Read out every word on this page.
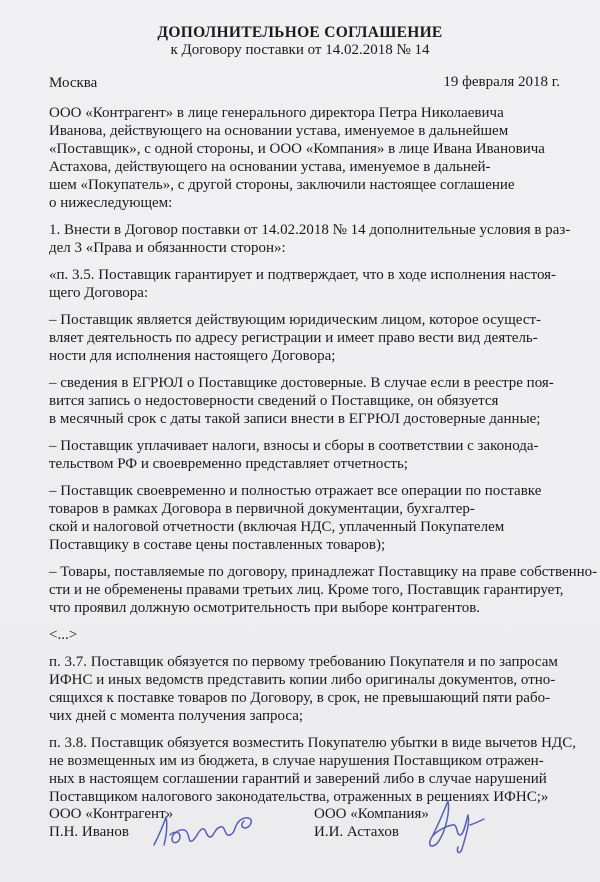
ДОПОЛНИТЕЛЬНОЕ СОГЛАШЕНИЕ
к Договору поставки от 14.02.2018 № 14
Москва	19 февраля 2018 г.
ООО «Контрагент» в лице генерального директора Петра Николаевича
Иванова, действующего на основании устава, именуемое в дальнейшем
«Поставщик», с одной стороны, и ООО «Компания» в лице Ивана Ивановича
Астахова, действующего на основании устава, именуемое в дальней-
шем «Покупатель», с другой стороны, заключили настоящее соглашение
о нижеследующем:
1. Внести в Договор поставки от 14.02.2018 № 14 дополнительные условия в раз-
дел 3 «Права и обязанности сторон»:
«п. 3.5. Поставщик гарантирует и подтверждает, что в ходе исполнения настоя-
щего Договора:
– Поставщик является действующим юридическим лицом, которое осущест-
вляет деятельность по адресу регистрации и имеет право вести вид деятель-
ности для исполнения настоящего Договора;
– сведения в ЕГРЮЛ о Поставщике достоверные. В случае если в реестре поя-
вится запись о недостоверности сведений о Поставщике, он обязуется
в месячный срок с даты такой записи внести в ЕГРЮЛ достоверные данные;
– Поставщик уплачивает налоги, взносы и сборы в соответствии с законода-
тельством РФ и своевременно представляет отчетность;
– Поставщик своевременно и полностью отражает все операции по поставке
товаров в рамках Договора в первичной документации, бухгалтер-
ской и налоговой отчетности (включая НДС, уплаченный Покупателем
Поставщику в составе цены поставленных товаров);
– Товары, поставляемые по договору, принадлежат Поставщику на праве собственно-
сти и не обременены правами третьих лиц. Кроме того, Поставщик гарантирует,
что проявил должную осмотрительность при выборе контрагентов.
<...>
п. 3.7. Поставщик обязуется по первому требованию Покупателя и по запросам
ИФНС и иных ведомств представить копии либо оригиналы документов, отно-
сящихся к поставке товаров по Договору, в срок, не превышающий пяти рабо-
чих дней с момента получения запроса;
п. 3.8. Поставщик обязуется возместить Покупателю убытки в виде вычетов НДС,
не возмещенных им из бюджета, в случае нарушения Поставщиком отражен-
ных в настоящем соглашении гарантий и заверений либо в случае нарушений
Поставщиком налогового законодательства, отраженных в решениях ИФНС;»
ООО «Контрагент»
П.Н. Иванов
ООО «Компания»
И.И. Астахов
